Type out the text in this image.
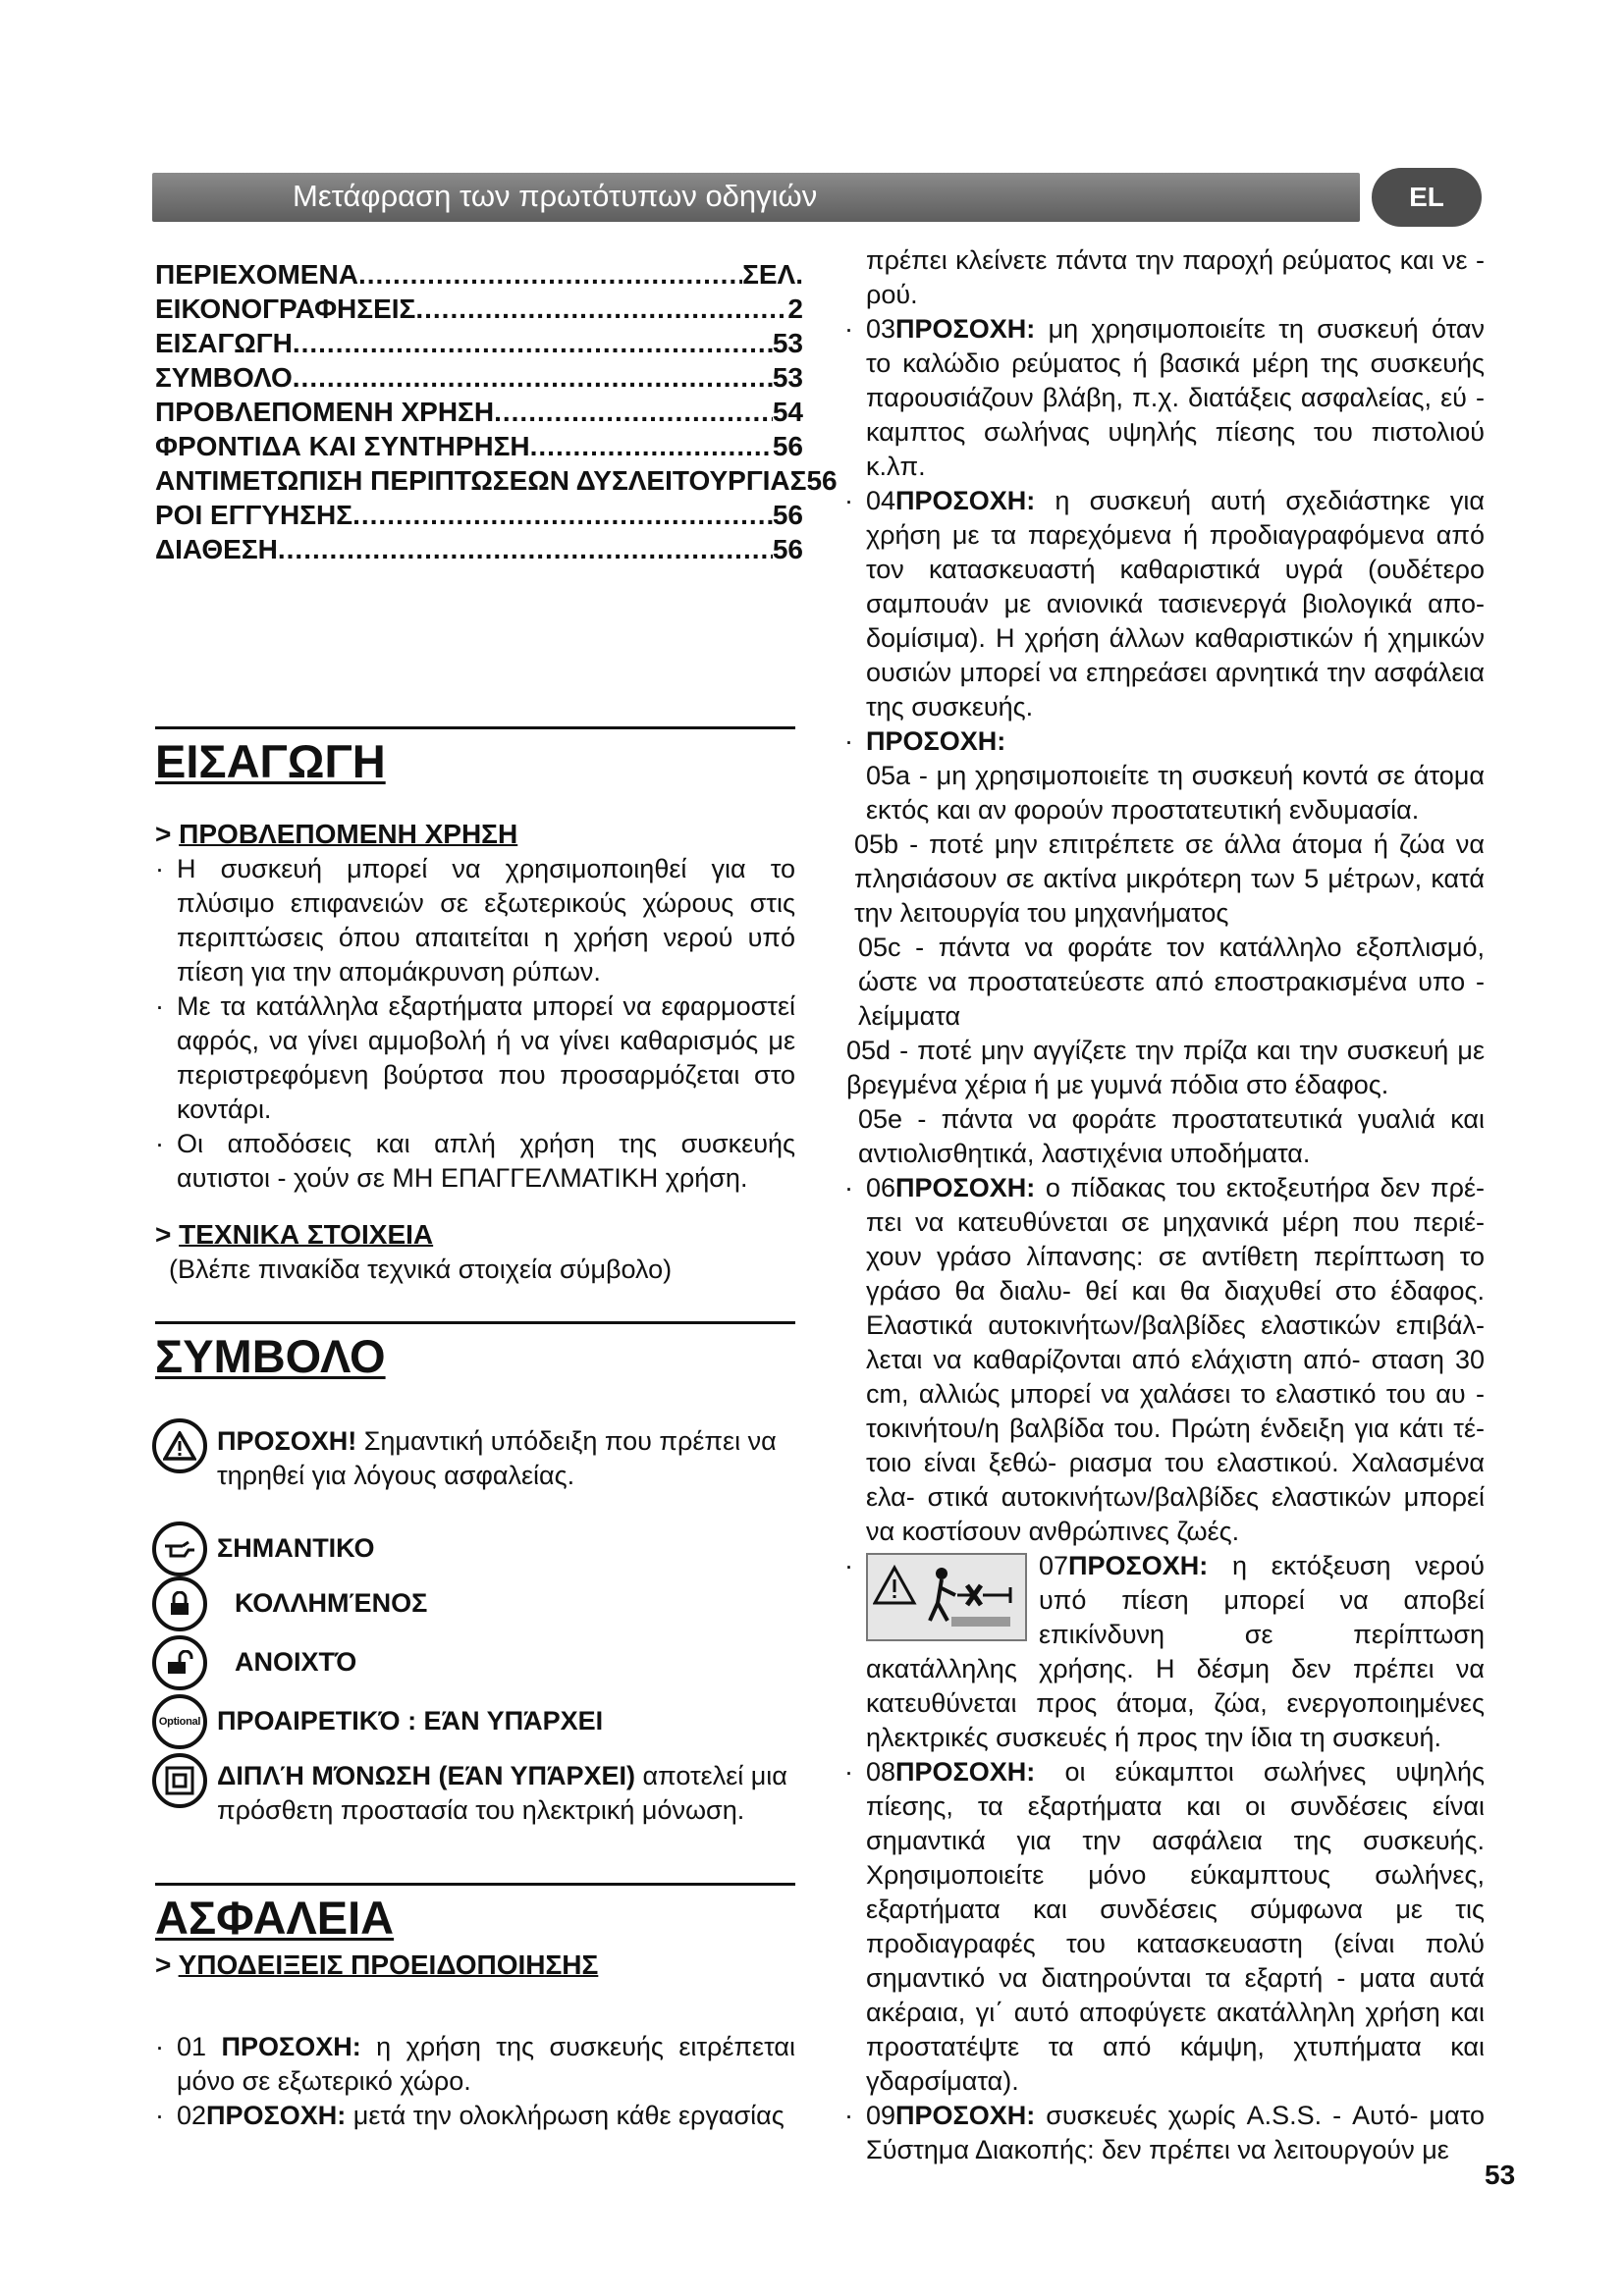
Μετάφραση των πρωτότυπων οδηγιών	EL
ΠΕΡΙΕΧΟΜΕΝΑ .....	ΣΕΛ.
ΕΙΚΟΝΟΓΡΑΦΗΣΕΙΣ .....	2
ΕΙΣΑΓΩΓΗ .....	53
ΣΥΜΒΟΛΟ .....	53
ΠΡΟΒΛΕΠΟΜΕΝΗ ΧΡΗΣΗ .....	54
ΦΡΟΝΤΙΔΑ ΚΑΙ ΣΥΝΤΗΡΗΣΗ .....	56
ΑΝΤΙΜΕΤΩΠΙΣΗ ΠΕΡΙΠΤΩΣΕΩΝ ΔΥΣΛΕΙΤΟΥΡΓΙΑΣ 56
ΡΟΙ ΕΓΓΥΗΣΗΣ .....	56
ΔΙΑΘΕΣΗ .....	56
ΕΙΣΑΓΩΓΗ
> ΠΡΟΒΛΕΠΟΜΕΝΗ ΧΡΗΣΗ
· Η συσκευή μπορεί να χρησιμοποιηθεί για το πλύσιμο επιφανειών σε εξωτερικούς χώρους στις περιπτώσεις όπου απαιτείται η χρήση νερού υπό πίεση για την απομάκρυνση ρύπων.
· Με τα κατάλληλα εξαρτήματα μπορεί να εφαρμοστεί αφρός, να γίνει αμμοβολή ή να γίνει καθαρισμός με περιστρεφόμενη βούρτσα που προσαρμόζεται στο κοντάρι.
· Οι αποδόσεις και απλή χρήση της συσκευής αυτιστοι - χούν σε ΜΗ ΕΠΑΓΓΕΛΜΑΤΙΚΗ χρήση.
> ΤΕΧΝΙΚΑ ΣΤΟΙΧΕΙΑ
(Βλέπε πινακίδα τεχνικά στοιχεία σύμβολο)
ΣΥΜΒΟΛΟ
ΠΡΟΣΟΧΗ! Σημαντική υπόδειξη που πρέπει να τηρηθεί για λόγους ασφαλείας.
ΣΗΜΑΝΤΙΚΟ
ΚΟΛΛΗΜΈΝΟΣ
ΑΝΟΙΧΤΌ
Optional ΠΡΟΑΙΡΕΤΙΚΌ : ΕΆΝ ΥΠΆΡΧΕΙ
ΔΙΠΛΉ ΜΌΝΩΣΗ (ΕΆΝ ΥΠΆΡΧΕΙ) αποτελεί μια πρόσθετη προστασία του ηλεκτρική μόνωση.
ΑΣΦΑΛΕΙΑ
> ΥΠΟΔΕΙΞΕΙΣ ΠΡΟΕΙΔΟΠΟΙΗΣΗΣ
· 01 ΠΡΟΣΟΧΗ: η χρήση της συσκευής ειτρέπεται μόνο σε εξωτερικό χώρο.
· 02ΠΡΟΣΟΧΗ: μετά την ολοκλήρωση κάθε εργασίας
πρέπει κλείνετε πάντα την παροχή ρεύματος και νε - ρού.
· 03ΠΡΟΣΟΧΗ: μη χρησιμοποιείτε τη συσκευή όταν το καλώδιο ρεύματος ή βασικά μέρη της συσκευής παρουσιάζουν βλάβη, π.χ. διατάξεις ασφαλείας, εύ - καμπτος σωλήνας υψηλής πίεσης του πιστολιού κ.λπ.
· 04ΠΡΟΣΟΧΗ: η συσκευή αυτή σχεδιάστηκε για χρήση με τα παρεχόμενα ή προδιαγραφόμενα από τον κατασκευαστή καθαριστικά υγρά (ουδέτερο σαμπουάν με ανιονικά τασιενεργά βιολογικά απο- δομίσιμα). Η χρήση άλλων καθαριστικών ή χημικών ουσιών μπορεί να επηρεάσει αρνητικά την ασφάλεια της συσκευής.
· ΠΡΟΣΟΧΗ:
05a - μη χρησιμοποιείτε τη συσκευή κοντά σε άτομα εκτός και αν φορούν προστατευτική ενδυμασία.
05b - ποτέ μην επιτρέπετε σε άλλα άτομα ή ζώα να πλησιάσουν σε ακτίνα μικρότερη των 5 μέτρων, κατά την λειτουργία του μηχανήματος
05c - πάντα να φοράτε τον κατάλληλο εξοπλισμό, ώστε να προστατεύεστε από εποστρακισμένα υπο - λείμματα
05d - ποτέ μην αγγίζετε την πρίζα και την συσκευή με βρεγμένα χέρια ή με γυμνά πόδια στο έδαφος.
05e - πάντα να φοράτε προστατευτικά γυαλιά και αντιολισθητικά, λαστιχένια υποδήματα.
· 06ΠΡΟΣΟΧΗ: ο πίδακας του εκτοξευτήρα δεν πρέ- πει να κατευθύνεται σε μηχανικά μέρη που περιέ- χουν γράσο λίπανσης: σε αντίθετη περίπτωση το γράσο θα διαλυ- θεί και θα διαχυθεί στο έδαφος. Ελαστικά αυτοκινήτων/βαλβίδες ελαστικών επιβάλ- λεται να καθαρίζονται από ελάχιστη από- σταση 30 cm, αλλιώς μπορεί να χαλάσει το ελαστικό του αυ - τοκινήτου/η βαλβίδα του. Πρώτη ένδειξη για κάτι τέ- τοιο είναι ξεθώ- ριασμα του ελαστικού. Χαλασμένα ελα- στικά αυτοκινήτων/βαλβίδες ελαστικών μπορεί να κοστίσουν ανθρώπινες ζωές.
·	07ΠΡΟΣΟΧΗ: η εκτόξευση νερού υπό πίεση μπορεί να αποβεί επικίνδυνη σε περίπτωση ακατάλληλης χρήσης. Η δέσμη δεν πρέπει να κατευθύνεται προς άτομα, ζώα, ενεργοποιημένες ηλεκτρικές συσκευές ή προς την ίδια τη συσκευή.
· 08ΠΡΟΣΟΧΗ: οι εύκαμπτοι σωλήνες υψηλής πίεσης, τα εξαρτήματα και οι συνδέσεις είναι σημαντικά για την ασφάλεια της συσκευής. Χρησιμοποιείτε μόνο εύκαμπτους σωλήνες, εξαρτήματα και συνδέσεις σύμφωνα με τις προδιαγραφές του κατασκευαστη (είναι πολύ σημαντικό να διατηρούνται τα εξαρτή - ματα αυτά ακέραια, γι΄ αυτό αποφύγετε ακατάλληλη χρήση και προστατέψτε τα από κάμψη, χτυπήματα και γδαρσίματα).
· 09ΠΡΟΣΟΧΗ: συσκευές χωρίς A.S.S. - Αυτό- ματο Σύστημα Διακοπής: δεν πρέπει να λειτουργούν με
53
